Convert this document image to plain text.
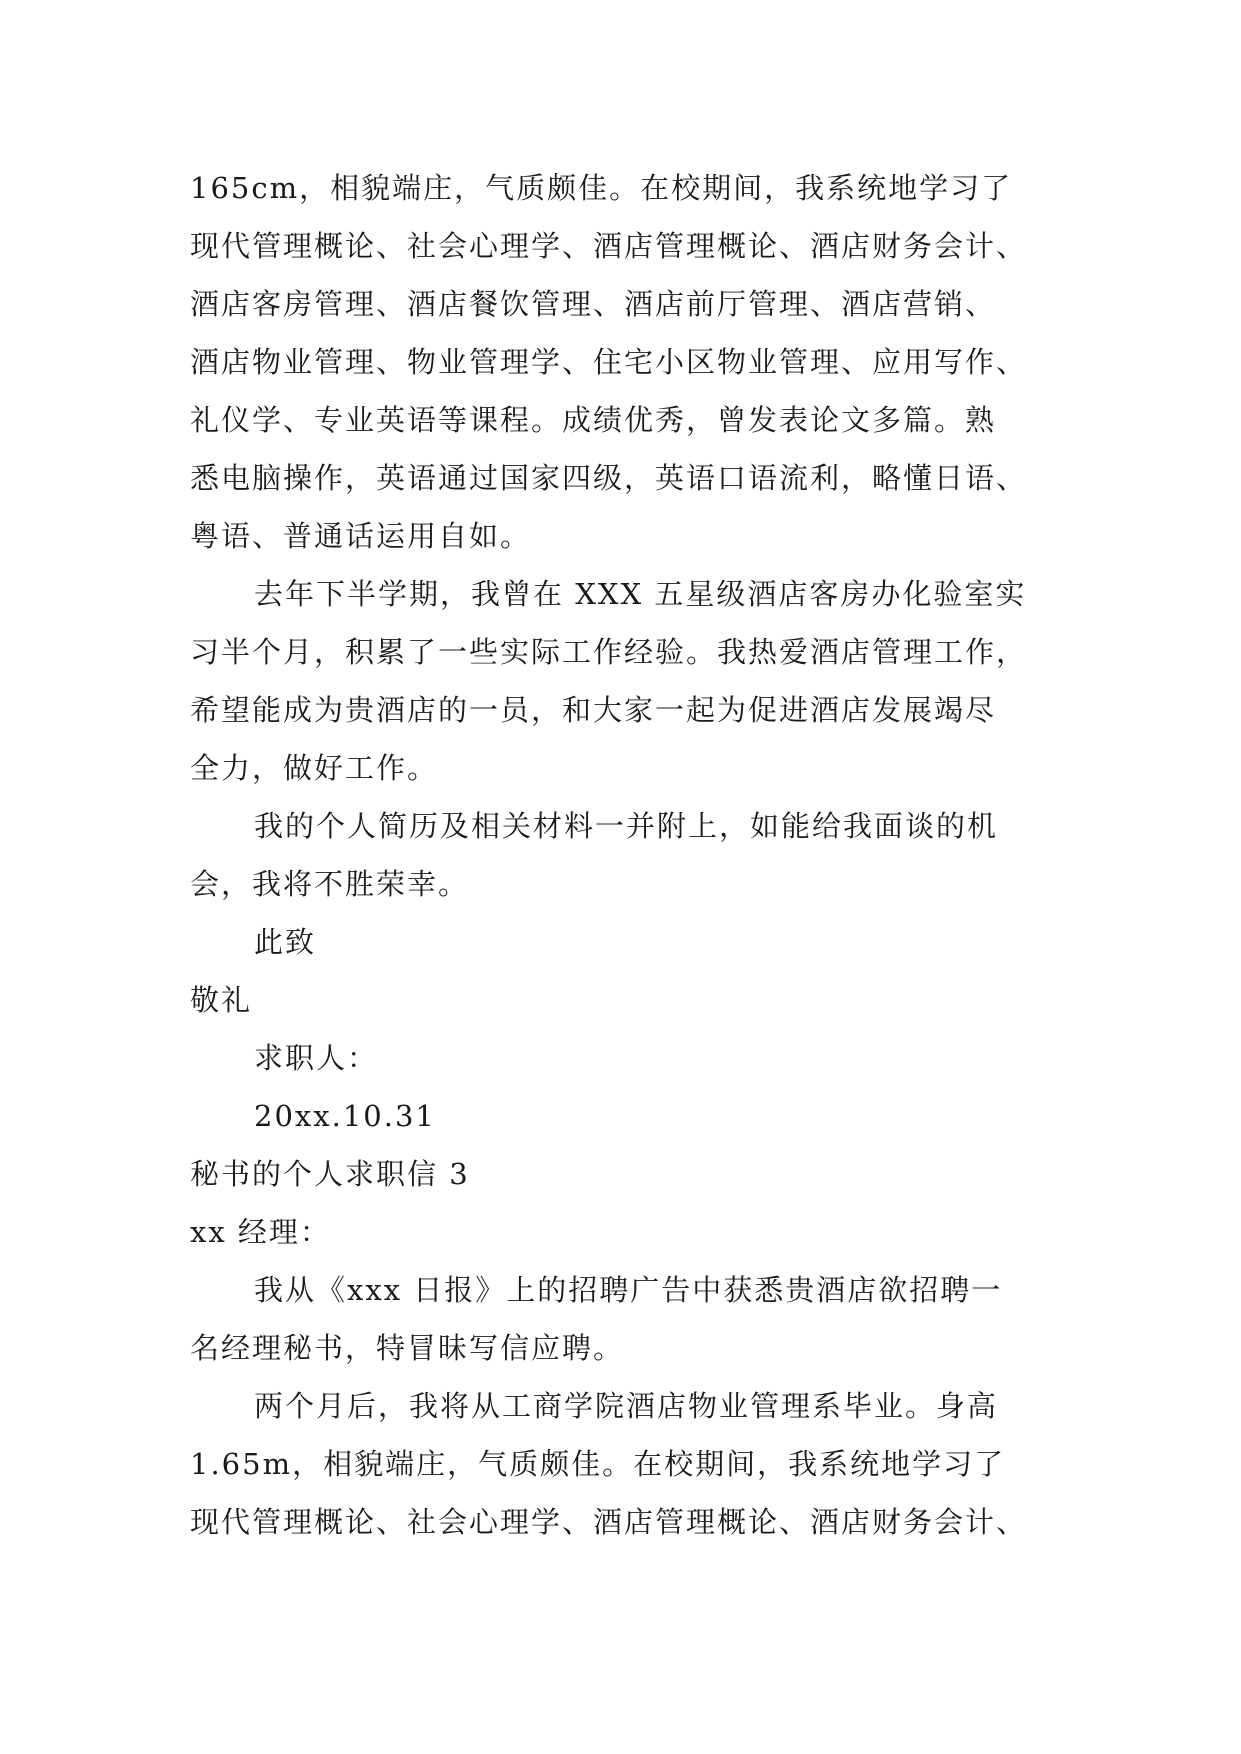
165cm，相貌端庄，气质颇佳。在校期间，我系统地学习了
现代管理概论、社会心理学、酒店管理概论、酒店财务会计、
酒店客房管理、酒店餐饮管理、酒店前厅管理、酒店营销、
酒店物业管理、物业管理学、住宅小区物业管理、应用写作、
礼仪学、专业英语等课程。成绩优秀，曾发表论文多篇。熟
悉电脑操作，英语通过国家四级，英语口语流利，略懂日语、
粤语、普通话运用自如。
去年下半学期，我曾在 XXX 五星级酒店客房办化验室实
习半个月，积累了一些实际工作经验。我热爱酒店管理工作，
希望能成为贵酒店的一员，和大家一起为促进酒店发展竭尽
全力，做好工作。
我的个人简历及相关材料一并附上，如能给我面谈的机
会，我将不胜荣幸。
此致
敬礼
求职人：
20xx.10.31
秘书的个人求职信 3
xx 经理：
我从《xxx 日报》上的招聘广告中获悉贵酒店欲招聘一
名经理秘书，特冒昧写信应聘。
两个月后，我将从工商学院酒店物业管理系毕业。身高
1.65m，相貌端庄，气质颇佳。在校期间，我系统地学习了
现代管理概论、社会心理学、酒店管理概论、酒店财务会计、
